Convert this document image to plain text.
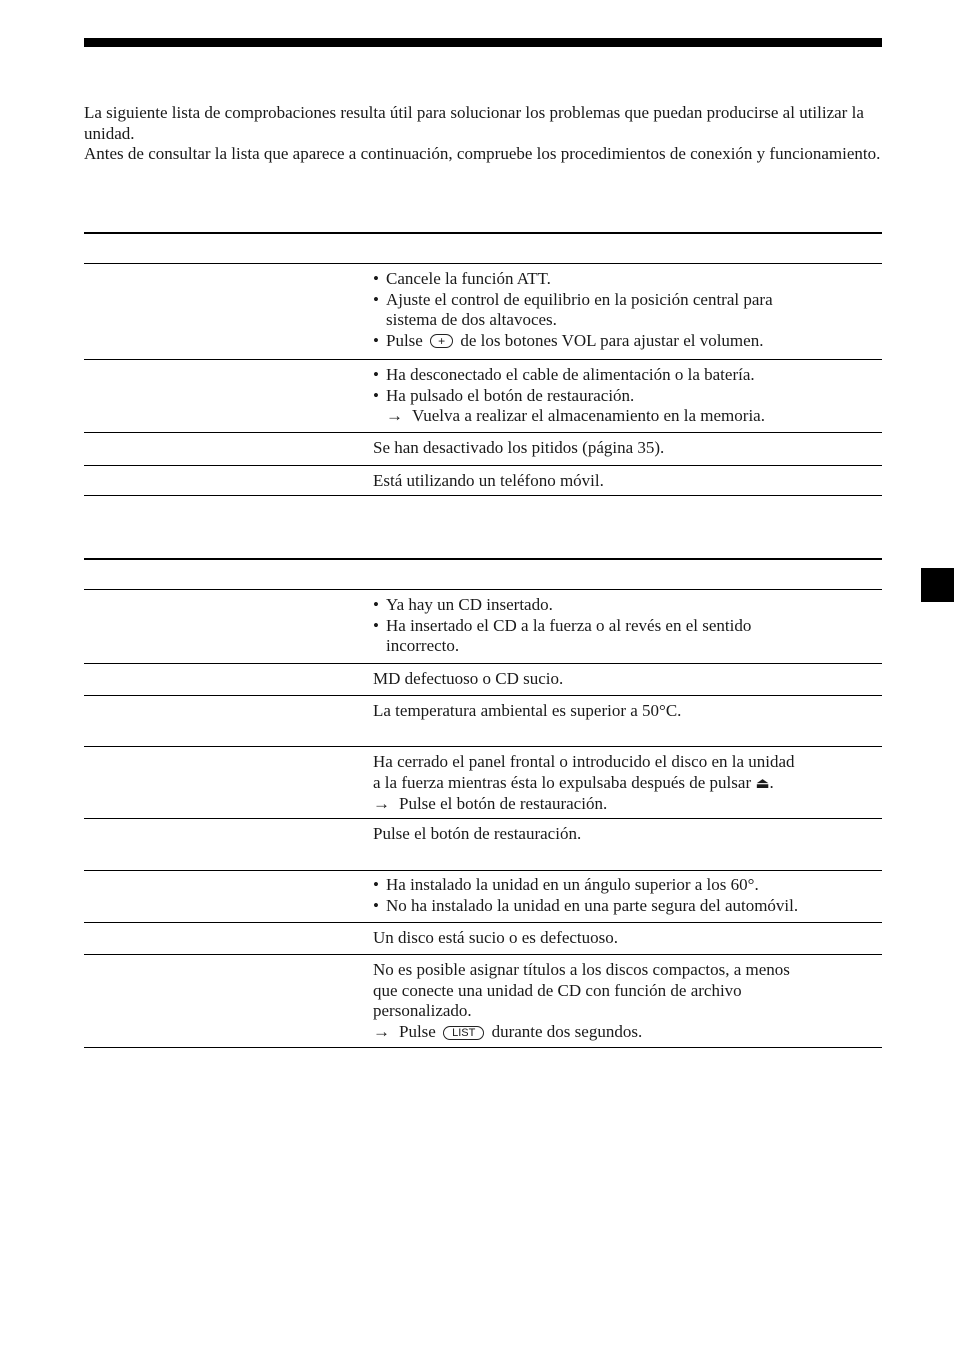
La siguiente lista de comprobaciones resulta útil para solucionar los problemas que puedan producirse al utilizar la unidad.

Antes de consultar la lista que aparece a continuación, compruebe los procedimientos de conexión y funcionamiento.

• Cancele la función ATT.
• Ajuste el control de equilibrio en la posición central para
sistema de dos altavoces.
• Pulse + de los botones VOL para ajustar el volumen.
• Ha desconectado el cable de alimentación o la batería.
• Ha pulsado el botón de restauración.
→ Vuelva a realizar el almacenamiento en la memoria.
Se han desactivado los pitidos (página 35).
Está utilizando un teléfono móvil.
• Ya hay un CD insertado.
• Ha insertado el CD a la fuerza o al revés en el sentido
incorrecto.
MD defectuoso o CD sucio.
La temperatura ambiental es superior a 50°C.
Ha cerrado el panel frontal o introducido el disco en la unidad
a la fuerza mientras ésta lo expulsaba después de pulsar ⏏.
→ Pulse el botón de restauración.
Pulse el botón de restauración.
• Ha instalado la unidad en un ángulo superior a los 60°.
• No ha instalado la unidad en una parte segura del automóvil.
Un disco está sucio o es defectuoso.
No es posible asignar títulos a los discos compactos, a menos
que conecte una unidad de CD con función de archivo
personalizado.
→ Pulse LIST durante dos segundos.
